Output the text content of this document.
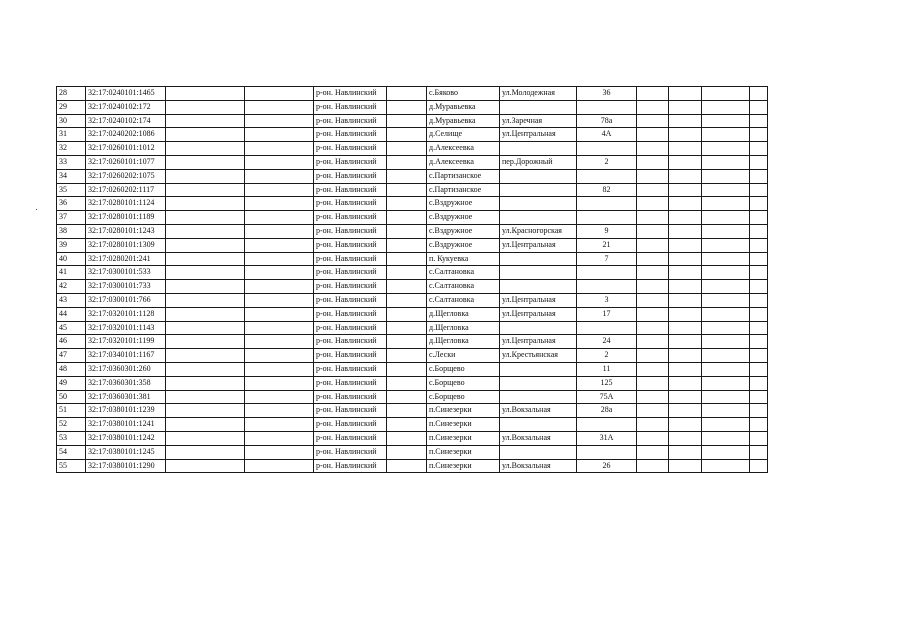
28	32:17:0240101:1465			р-он. Навлинский		с.Бяково	ул.Молодежная	36				
29	32:17:0240102:172			р-он. Навлинский		д.Муравьевка						
30	32:17:0240102:174			р-он. Навлинский		д.Муравьевка	ул.Заречная	78а				
31	32:17:0240202:1086			р-он. Навлинский		д.Селище	ул.Центральная	4А				
32	32:17:0260101:1012			р-он. Навлинский		д.Алексеевка						
33	32:17:0260101:1077			р-он. Навлинский		д.Алексеевка	пер.Дорожный	2				
34	32:17:0260202:1075			р-он. Навлинский		с.Партизанское						
35	32:17:0260202:1117			р-он. Навлинский		с.Партизанское		82				
36	32:17:0280101:1124			р-он. Навлинский		с.Вздружное						
37	32:17:0280101:1189			р-он. Навлинский		с.Вздружное						
38	32:17:0280101:1243			р-он. Навлинский		с.Вздружное	ул.Красногорская	9				
39	32:17:0280101:1309			р-он. Навлинский		с.Вздружное	ул.Центральная	21				
40	32:17:0280201:241			р-он. Навлинский		п. Кукуевка		7				
41	32:17:0300101:533			р-он. Навлинский		с.Салтановка						
42	32:17:0300101:733			р-он. Навлинский		с.Салтановка						
43	32:17:0300101:766			р-он. Навлинский		с.Салтановка	ул.Центральная	3				
44	32:17:0320101:1128			р-он. Навлинский		д.Щегловка	ул.Центральная	17				
45	32:17:0320101:1143			р-он. Навлинский		д.Щегловка						
46	32:17:0320101:1199			р-он. Навлинский		д.Щегловка	ул.Центральная	24				
47	32:17:0340101:1167			р-он. Навлинский		с.Лески	ул.Крестьянская	2				
48	32:17:0360301:260			р-он. Навлинский		с.Борщево		11				
49	32:17:0360301:358			р-он. Навлинский		с.Борщево		125				
50	32:17:0360301:381			р-он. Навлинский		с.Борщево		75А				
51	32:17:0380101:1239			р-он. Навлинский		п.Синезерки	ул.Вокзальная	28а				
52	32:17:0380101:1241			р-он. Навлинский		п.Синезерки						
53	32:17:0380101:1242			р-он. Навлинский		п.Синезерки	ул.Вокзальная	31А				
54	32:17:0380101:1245			р-он. Навлинский		п.Синезерки						
55	32:17:0380101:1290			р-он. Навлинский		п.Синезерки	ул.Вокзальная	26				
